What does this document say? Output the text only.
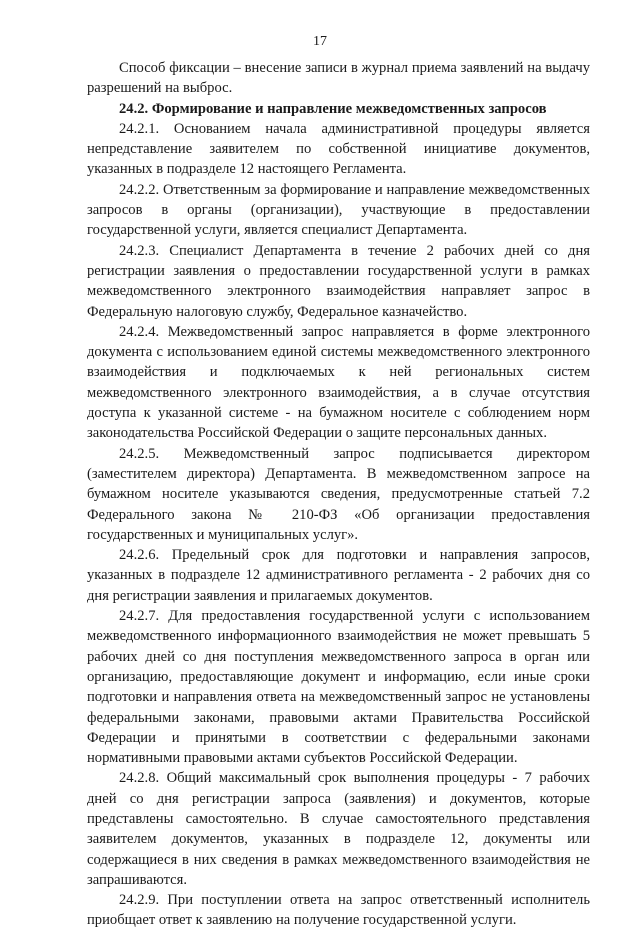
17

Способ фиксации – внесение записи в журнал приема заявлений на выдачу разрешений на выброс.

24.2. Формирование и направление межведомственных запросов

24.2.1. Основанием начала административной процедуры является непредставление заявителем по собственной инициативе документов, указанных в подразделе 12 настоящего Регламента.

24.2.2. Ответственным за формирование и направление межведомственных запросов в органы (организации), участвующие в предоставлении государственной услуги, является специалист Департамента.

24.2.3. Специалист Департамента в течение 2 рабочих дней со дня регистрации заявления о предоставлении государственной услуги в рамках межведомственного электронного взаимодействия направляет запрос в Федеральную налоговую службу, Федеральное казначейство.

24.2.4. Межведомственный запрос направляется в форме электронного документа с использованием единой системы межведомственного электронного взаимодействия и подключаемых к ней региональных систем межведомственного электронного взаимодействия, а в случае отсутствия доступа к указанной системе - на бумажном носителе с соблюдением норм законодательства Российской Федерации о защите персональных данных.

24.2.5. Межведомственный запрос подписывается директором (заместителем директора) Департамента. В межведомственном запросе на бумажном носителе указываются сведения, предусмотренные статьей 7.2 Федерального закона № 210-ФЗ «Об организации предоставления государственных и муниципальных услуг».

24.2.6. Предельный срок для подготовки и направления запросов, указанных в подразделе 12 административного регламента - 2 рабочих дня со дня регистрации заявления и прилагаемых документов.

24.2.7. Для предоставления государственной услуги с использованием межведомственного информационного взаимодействия не может превышать 5 рабочих дней со дня поступления межведомственного запроса в орган или организацию, предоставляющие документ и информацию, если иные сроки подготовки и направления ответа на межведомственный запрос не установлены федеральными законами, правовыми актами Правительства Российской Федерации и принятыми в соответствии с федеральными законами нормативными правовыми актами субъектов Российской Федерации.

24.2.8. Общий максимальный срок выполнения процедуры - 7 рабочих дней со дня регистрации запроса (заявления) и документов, которые представлены самостоятельно. В случае самостоятельного представления заявителем документов, указанных в подразделе 12, документы или содержащиеся в них сведения в рамках межведомственного взаимодействия не запрашиваются.

24.2.9. При поступлении ответа на запрос ответственный исполнитель приобщает ответ к заявлению на получение государственной услуги.
